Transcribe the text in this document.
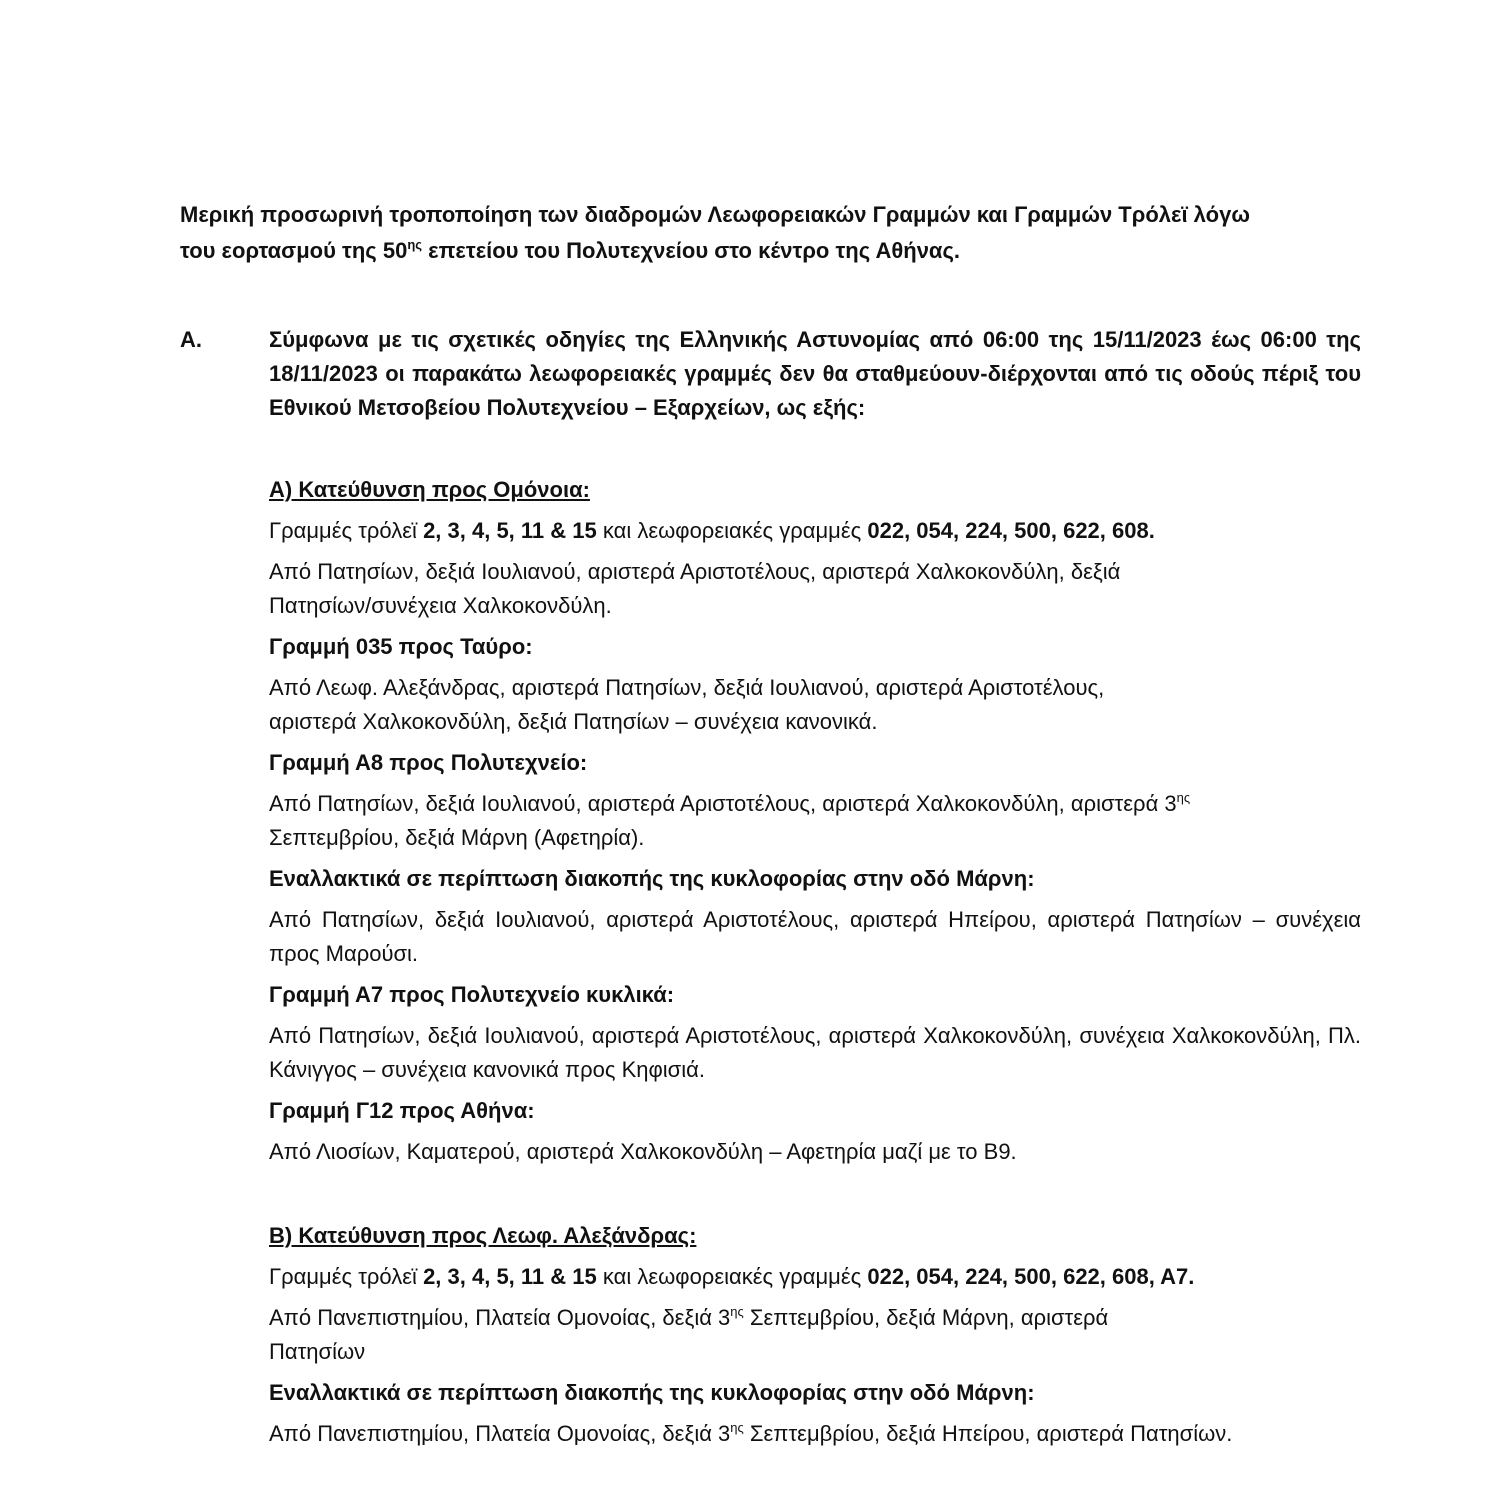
Μερική προσωρινή τροποποίηση των διαδρομών Λεωφορειακών Γραμμών και Γραμμών Τρόλεϊ λόγω
του εορτασμού της $50^{\eta\varsigma}$ επετείου του Πολυτεχνείου στο κέντρο της Αθήνας.

Α.	Σύμφωνα με τις σχετικές οδηγίες της Ελληνικής Αστυνομίας από 06:00 της 15/11/2023 έως 06:00 της 18/11/2023 οι παρακάτω λεωφορειακές γραμμές δεν θα σταθμεύουν-διέρχονται από τις οδούς πέριξ του Εθνικού Μετσοβείου Πολυτεχνείου – Εξαρχείων, ως εξής:

Α) Κατεύθυνση προς Ομόνοια:

Γραμμές τρόλεϊ 2, 3, 4, 5, 11 & 15 και λεωφορειακές γραμμές 022, 054, 224, 500, 622, 608.

Από Πατησίων, δεξιά Ιουλιανού, αριστερά Αριστοτέλους, αριστερά Χαλκοκονδύλη, δεξιά
Πατησίων/συνέχεια Χαλκοκονδύλη.

Γραμμή 035 προς Ταύρο:

Από Λεωφ. Αλεξάνδρας, αριστερά Πατησίων, δεξιά Ιουλιανού, αριστερά Αριστοτέλους,
αριστερά Χαλκοκονδύλη, δεξιά Πατησίων – συνέχεια κανονικά.

Γραμμή Α8 προς Πολυτεχνείο:

Από Πατησίων, δεξιά Ιουλιανού, αριστερά Αριστοτέλους, αριστερά Χαλκοκονδύλη, αριστερά $3^{\eta\varsigma}$
Σεπτεμβρίου, δεξιά Μάρνη (Αφετηρία).

Εναλλακτικά σε περίπτωση διακοπής της κυκλοφορίας στην οδό Μάρνη:

Από Πατησίων, δεξιά Ιουλιανού, αριστερά Αριστοτέλους, αριστερά Ηπείρου, αριστερά Πατησίων – συνέχεια προς Μαρούσι.

Γραμμή Α7 προς Πολυτεχνείο κυκλικά:

Από Πατησίων, δεξιά Ιουλιανού, αριστερά Αριστοτέλους, αριστερά Χαλκοκονδύλη, συνέχεια Χαλκοκονδύλη, Πλ. Κάνιγγος – συνέχεια κανονικά προς Κηφισιά.

Γραμμή Γ12 προς Αθήνα:

Από Λιοσίων, Καματερού, αριστερά Χαλκοκονδύλη – Αφετηρία μαζί με το Β9.

Β) Κατεύθυνση προς Λεωφ. Αλεξάνδρας:

Γραμμές τρόλεϊ 2, 3, 4, 5, 11 & 15 και λεωφορειακές γραμμές 022, 054, 224, 500, 622, 608, Α7.

Από Πανεπιστημίου, Πλατεία Ομονοίας, δεξιά $3^{\eta\varsigma}$ Σεπτεμβρίου, δεξιά Μάρνη, αριστερά
Πατησίων

Εναλλακτικά σε περίπτωση διακοπής της κυκλοφορίας στην οδό Μάρνη:

Από Πανεπιστημίου, Πλατεία Ομονοίας, δεξιά $3^{\eta\varsigma}$ Σεπτεμβρίου, δεξιά Ηπείρου, αριστερά Πατησίων.
